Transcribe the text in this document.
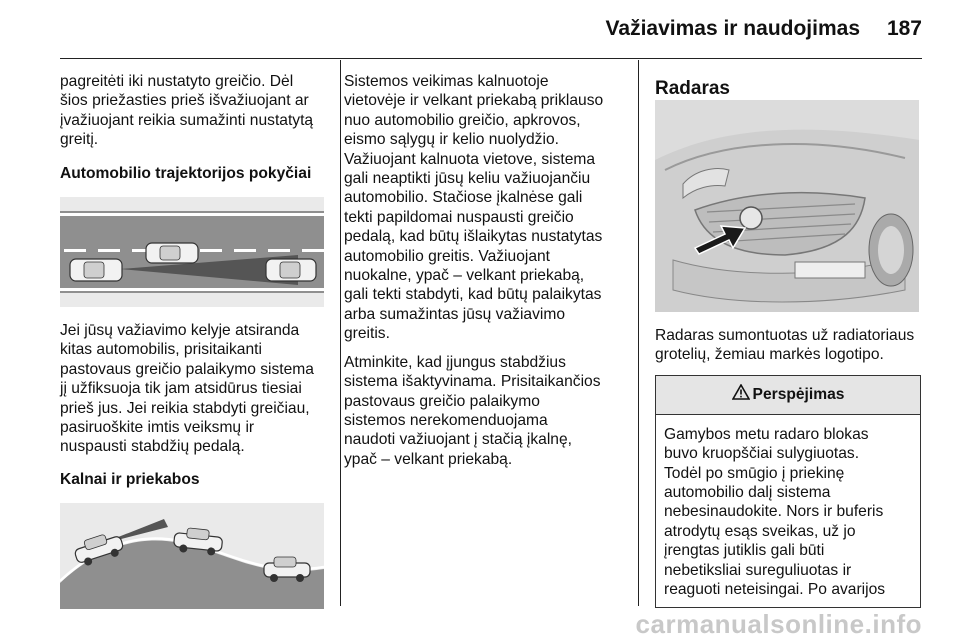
Važiavimas ir naudojimas 187

pagreitėti iki nustatyto greičio. Dėl

šios priežasties prieš išvažiuojant ar

įvažiuojant reikia sumažinti nustatytą

greitį.

Automobilio trajektorijos pokyčiai

Jei jūsų važiavimo kelyje atsiranda

kitas automobilis, prisitaikanti

pastovaus greičio palaikymo sistema

jį užfiksuoja tik jam atsidūrus tiesiai

prieš jus. Jei reikia stabdyti greičiau,

pasiruoškite imtis veiksmų ir

nuspausti stabdžių pedalą.

Kalnai ir priekabos

Sistemos veikimas kalnuotoje

vietovėje ir velkant priekabą priklauso

nuo automobilio greičio, apkrovos,

eismo sąlygų ir kelio nuolydžio.

Važiuojant kalnuota vietove, sistema

gali neaptikti jūsų keliu važiuojančiu

automobilio. Stačiose įkalnėse gali

tekti papildomai nuspausti greičio

pedalą, kad būtų išlaikytas nustatytas

automobilio greitis. Važiuojant

nuokalne, ypač – velkant priekabą,

gali tekti stabdyti, kad būtų palaikytas

arba sumažintas jūsų važiavimo

greitis.

Atminkite, kad įjungus stabdžius

sistema išaktyvinama. Prisitaikančios

pastovaus greičio palaikymo

sistemos nerekomenduojama

naudoti važiuojant į stačią įkalnę,

ypač – velkant priekabą.

Radaras

Radaras sumontuotas už radiatoriaus

grotelių, žemiau markės logotipo.

Perspėjimas

Gamybos metu radaro blokas

buvo kruopščiai sulygiuotas.

Todėl po smūgio į priekinę

automobilio dalį sistema

nebesinaudokite. Nors ir buferis

atrodytų esąs sveikas, už jo

įrengtas jutiklis gali būti

nebetiksliai sureguliuotas ir

reaguoti neteisingai. Po avarijos

carmanualsonline.info
